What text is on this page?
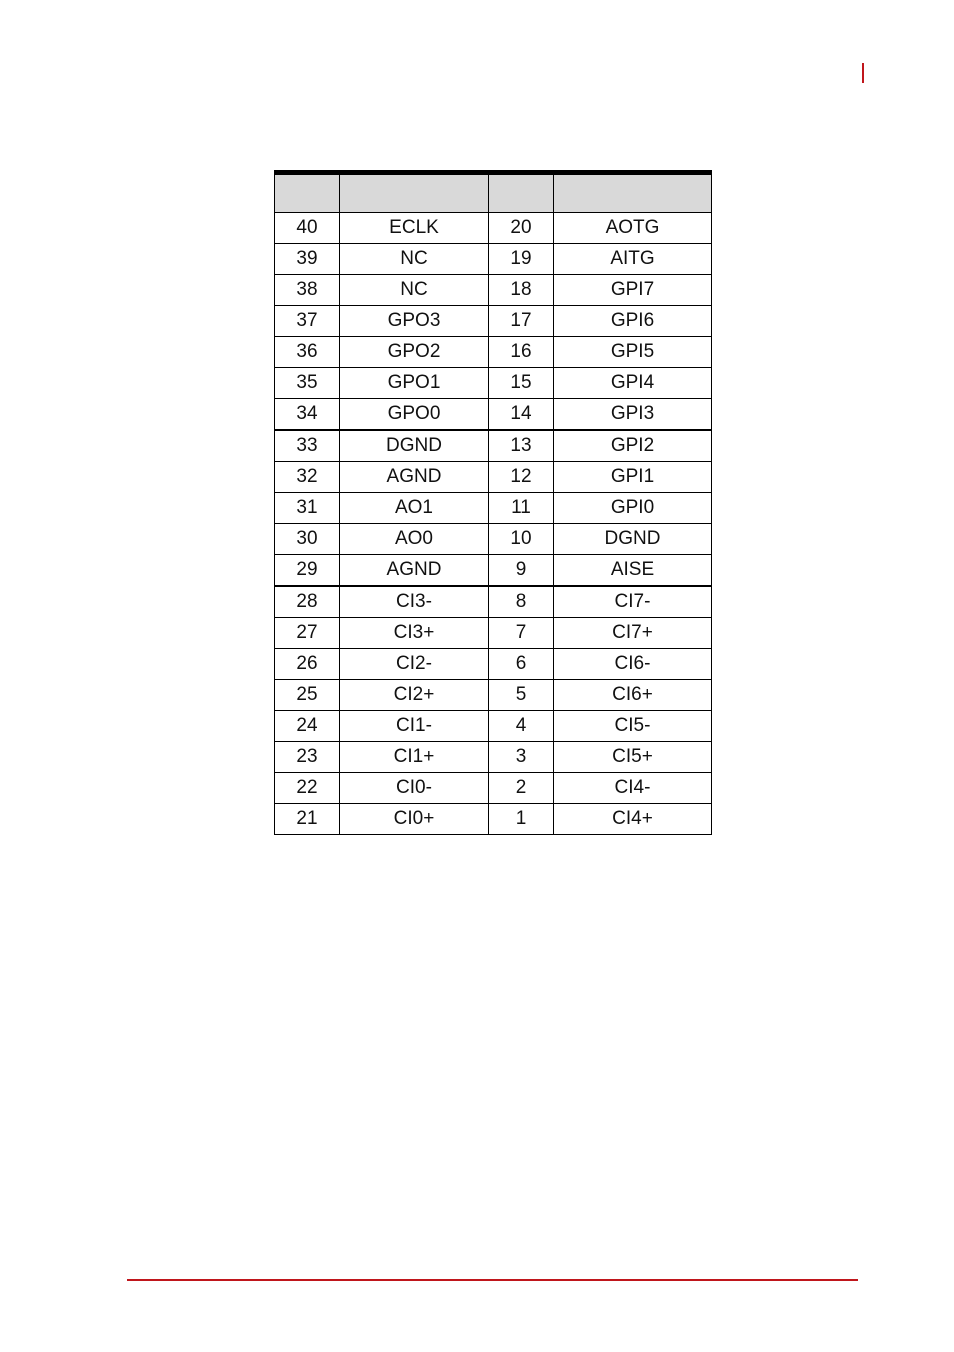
40	ECLK	20	AOTG
39	NC	19	AITG
38	NC	18	GPI7
37	GPO3	17	GPI6
36	GPO2	16	GPI5
35	GPO1	15	GPI4
34	GPO0	14	GPI3
33	DGND	13	GPI2
32	AGND	12	GPI1
31	AO1	11	GPI0
30	AO0	10	DGND
29	AGND	9	AISE
28	CI3-	8	CI7-
27	CI3+	7	CI7+
26	CI2-	6	CI6-
25	CI2+	5	CI6+
24	CI1-	4	CI5-
23	CI1+	3	CI5+
22	CI0-	2	CI4-
21	CI0+	1	CI4+
